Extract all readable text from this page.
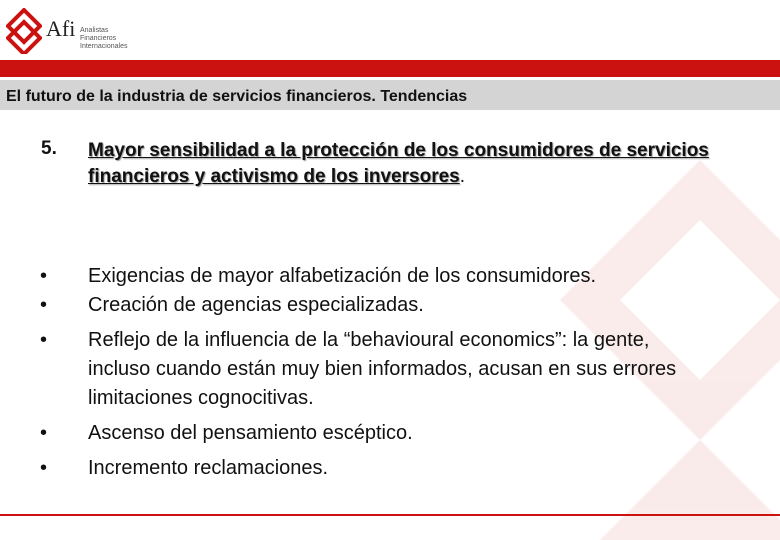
Afi Analistas
Financieros
Internacionales
El futuro de la industria de servicios financieros. Tendencias
5. Mayor sensibilidad a la protección de los consumidores de servicios financieros y activismo de los inversores.
• Exigencias de mayor alfabetización de los consumidores.
• Creación de agencias especializadas.
• Reflejo de la influencia de la “behavioural economics”: la gente, incluso cuando están muy bien informados, acusan en sus errores limitaciones cognocitivas.
• Ascenso del pensamiento escéptico.
• Incremento reclamaciones.
